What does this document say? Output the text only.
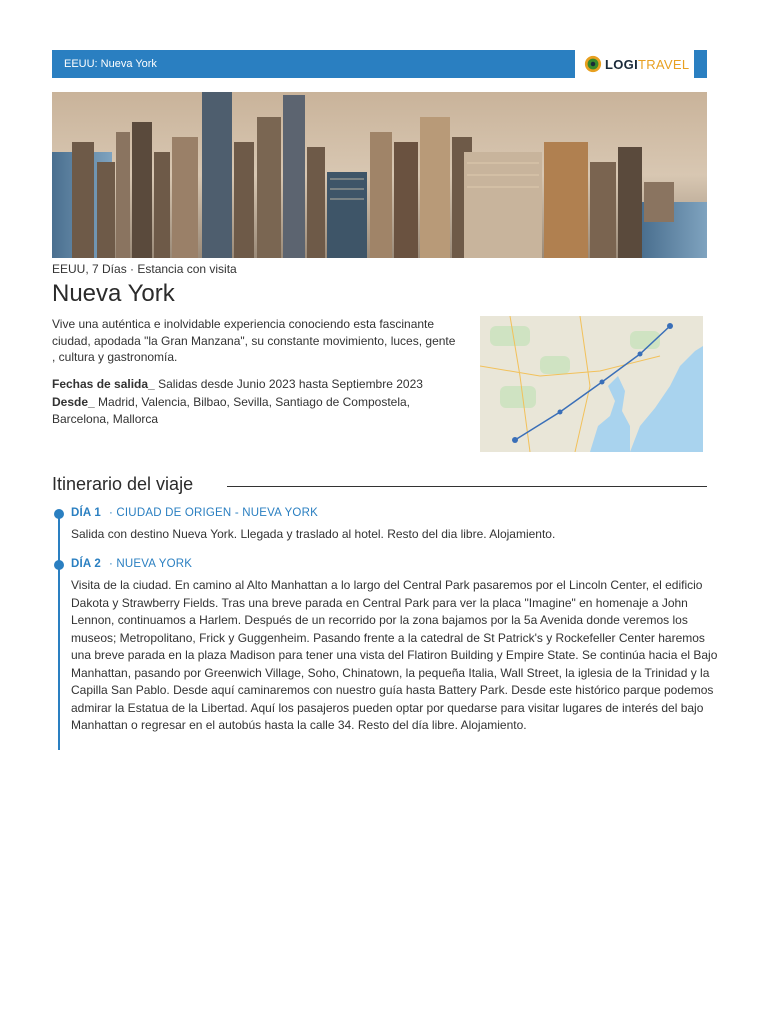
EEUU: Nueva York	LOGITRAVEL
EEUU, 7 Días · Estancia con visita
Nueva York

Vive una auténtica e inolvidable experiencia conociendo esta fascinante ciudad, apodada "la Gran Manzana", su constante movimiento, luces, gente , cultura y gastronomía.

Fechas de salida_ Salidas desde Junio 2023 hasta Septiembre 2023
Desde_ Madrid, Valencia, Bilbao, Sevilla, Santiago de Compostela, Barcelona, Mallorca
Itinerario del viaje
DÍA 1 · CIUDAD DE ORIGEN - NUEVA YORK

Salida con destino Nueva York. Llegada y traslado al hotel. Resto del dia libre. Alojamiento.

DÍA 2 · NUEVA YORK

Visita de la ciudad. En camino al Alto Manhattan a lo largo del Central Park pasaremos por el Lincoln Center, el edificio Dakota y Strawberry Fields. Tras una breve parada en Central Park para ver la placa "Imagine" en homenaje a John Lennon, continuamos a Harlem. Después de un recorrido por la zona bajamos por la 5a Avenida donde veremos los museos; Metropolitano, Frick y Guggenheim. Pasando frente a la catedral de St Patrick's y Rockefeller Center haremos una breve parada en la plaza Madison para tener una vista del Flatiron Building y Empire State. Se continúa hacia el Bajo Manhattan, pasando por Greenwich Village, Soho, Chinatown, la pequeña Italia, Wall Street, la iglesia de la Trinidad y la Capilla San Pablo. Desde aquí caminaremos con nuestro guía hasta Battery Park. Desde este histórico parque podemos admirar la Estatua de la Libertad. Aquí los pasajeros pueden optar por quedarse para visitar lugares de interés del bajo Manhattan o regresar en el autobús hasta la calle 34. Resto del día libre. Alojamiento.
